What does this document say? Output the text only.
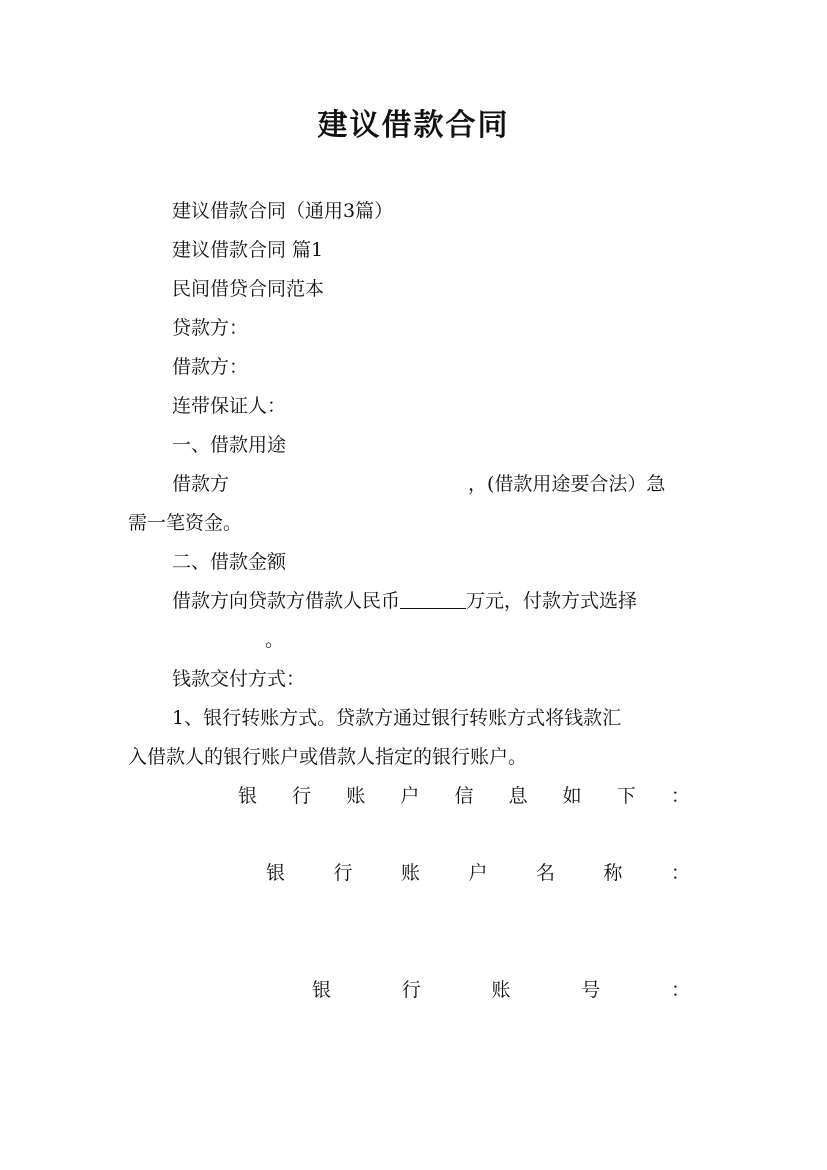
建议借款合同
建议借款合同（通用3篇）
建议借款合同 篇1
民间借贷合同范本
贷款方：
借款方：
连带保证人：
一、借款用途
借款方	，(借款用途要合法）急
需一笔资金。
二、借款金额
借款方向贷款方借款人民币	万元，付款方式选择
。
钱款交付方式：
1、银行转账方式。贷款方通过银行转账方式将钱款汇
入借款人的银行账户或借款人指定的银行账户。
银 行 账 户 信 息 如 下 ：
银	行	账	户	名	称	：
银	行	账	号	：
